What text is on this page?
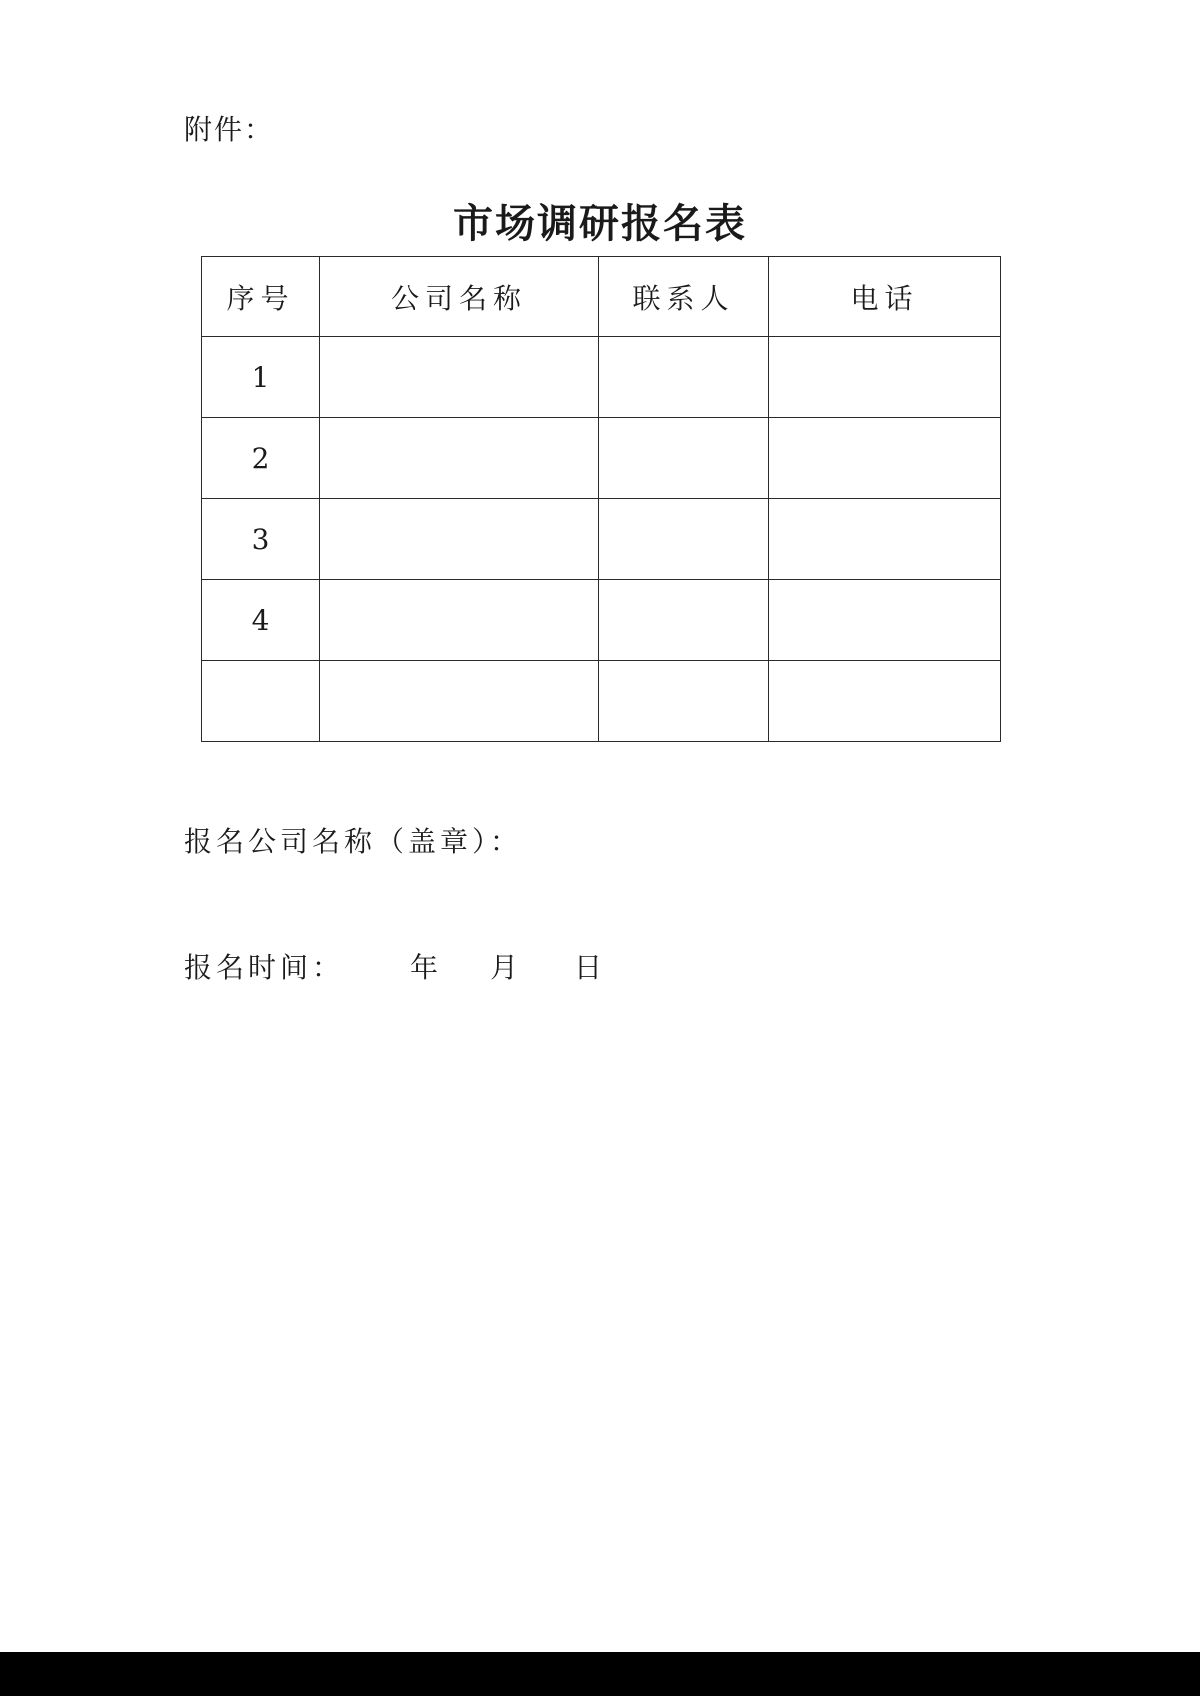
附件：
市场调研报名表
序号	公司名称	联系人	电话
1			
2			
3			
4			

报名公司名称（盖章）：
报名时间： 年 月 日
